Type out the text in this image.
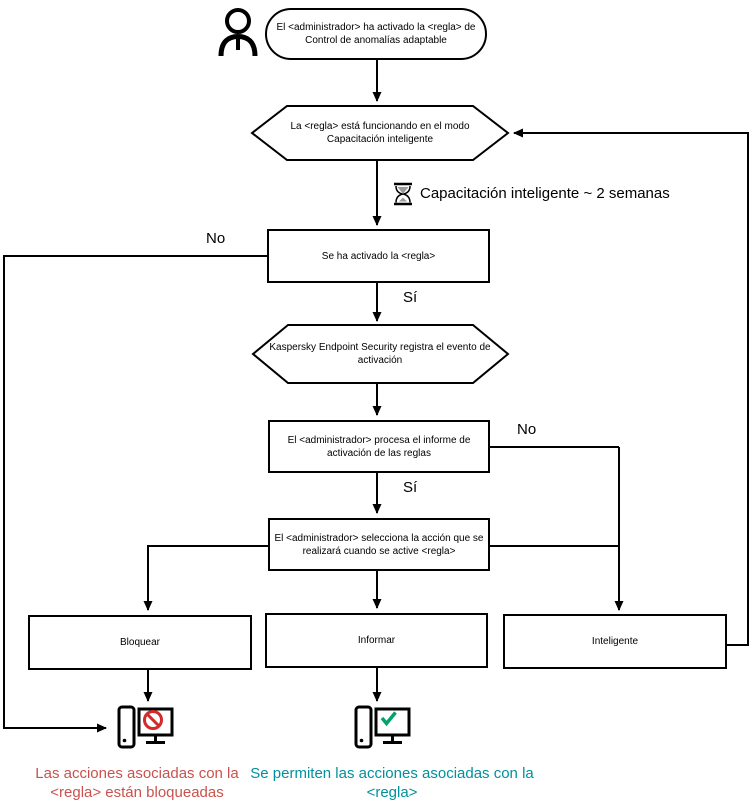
El <administrador> ha activado la <regla> de Control de anomalías adaptable
La <regla> está funcionando en el modo Capacitación inteligente
Capacitación inteligente ~ 2 semanas
No
Se ha activado la <regla>
Sí
Kaspersky Endpoint Security registra el evento de activación
El <administrador> procesa el informe de activación de las reglas
No
Sí
El <administrador> selecciona la acción que se realizará cuando se active <regla>
Bloquear	Informar	Inteligente
Las acciones asociadas con la <regla> están bloqueadas
Se permiten las acciones asociadas con la <regla>
